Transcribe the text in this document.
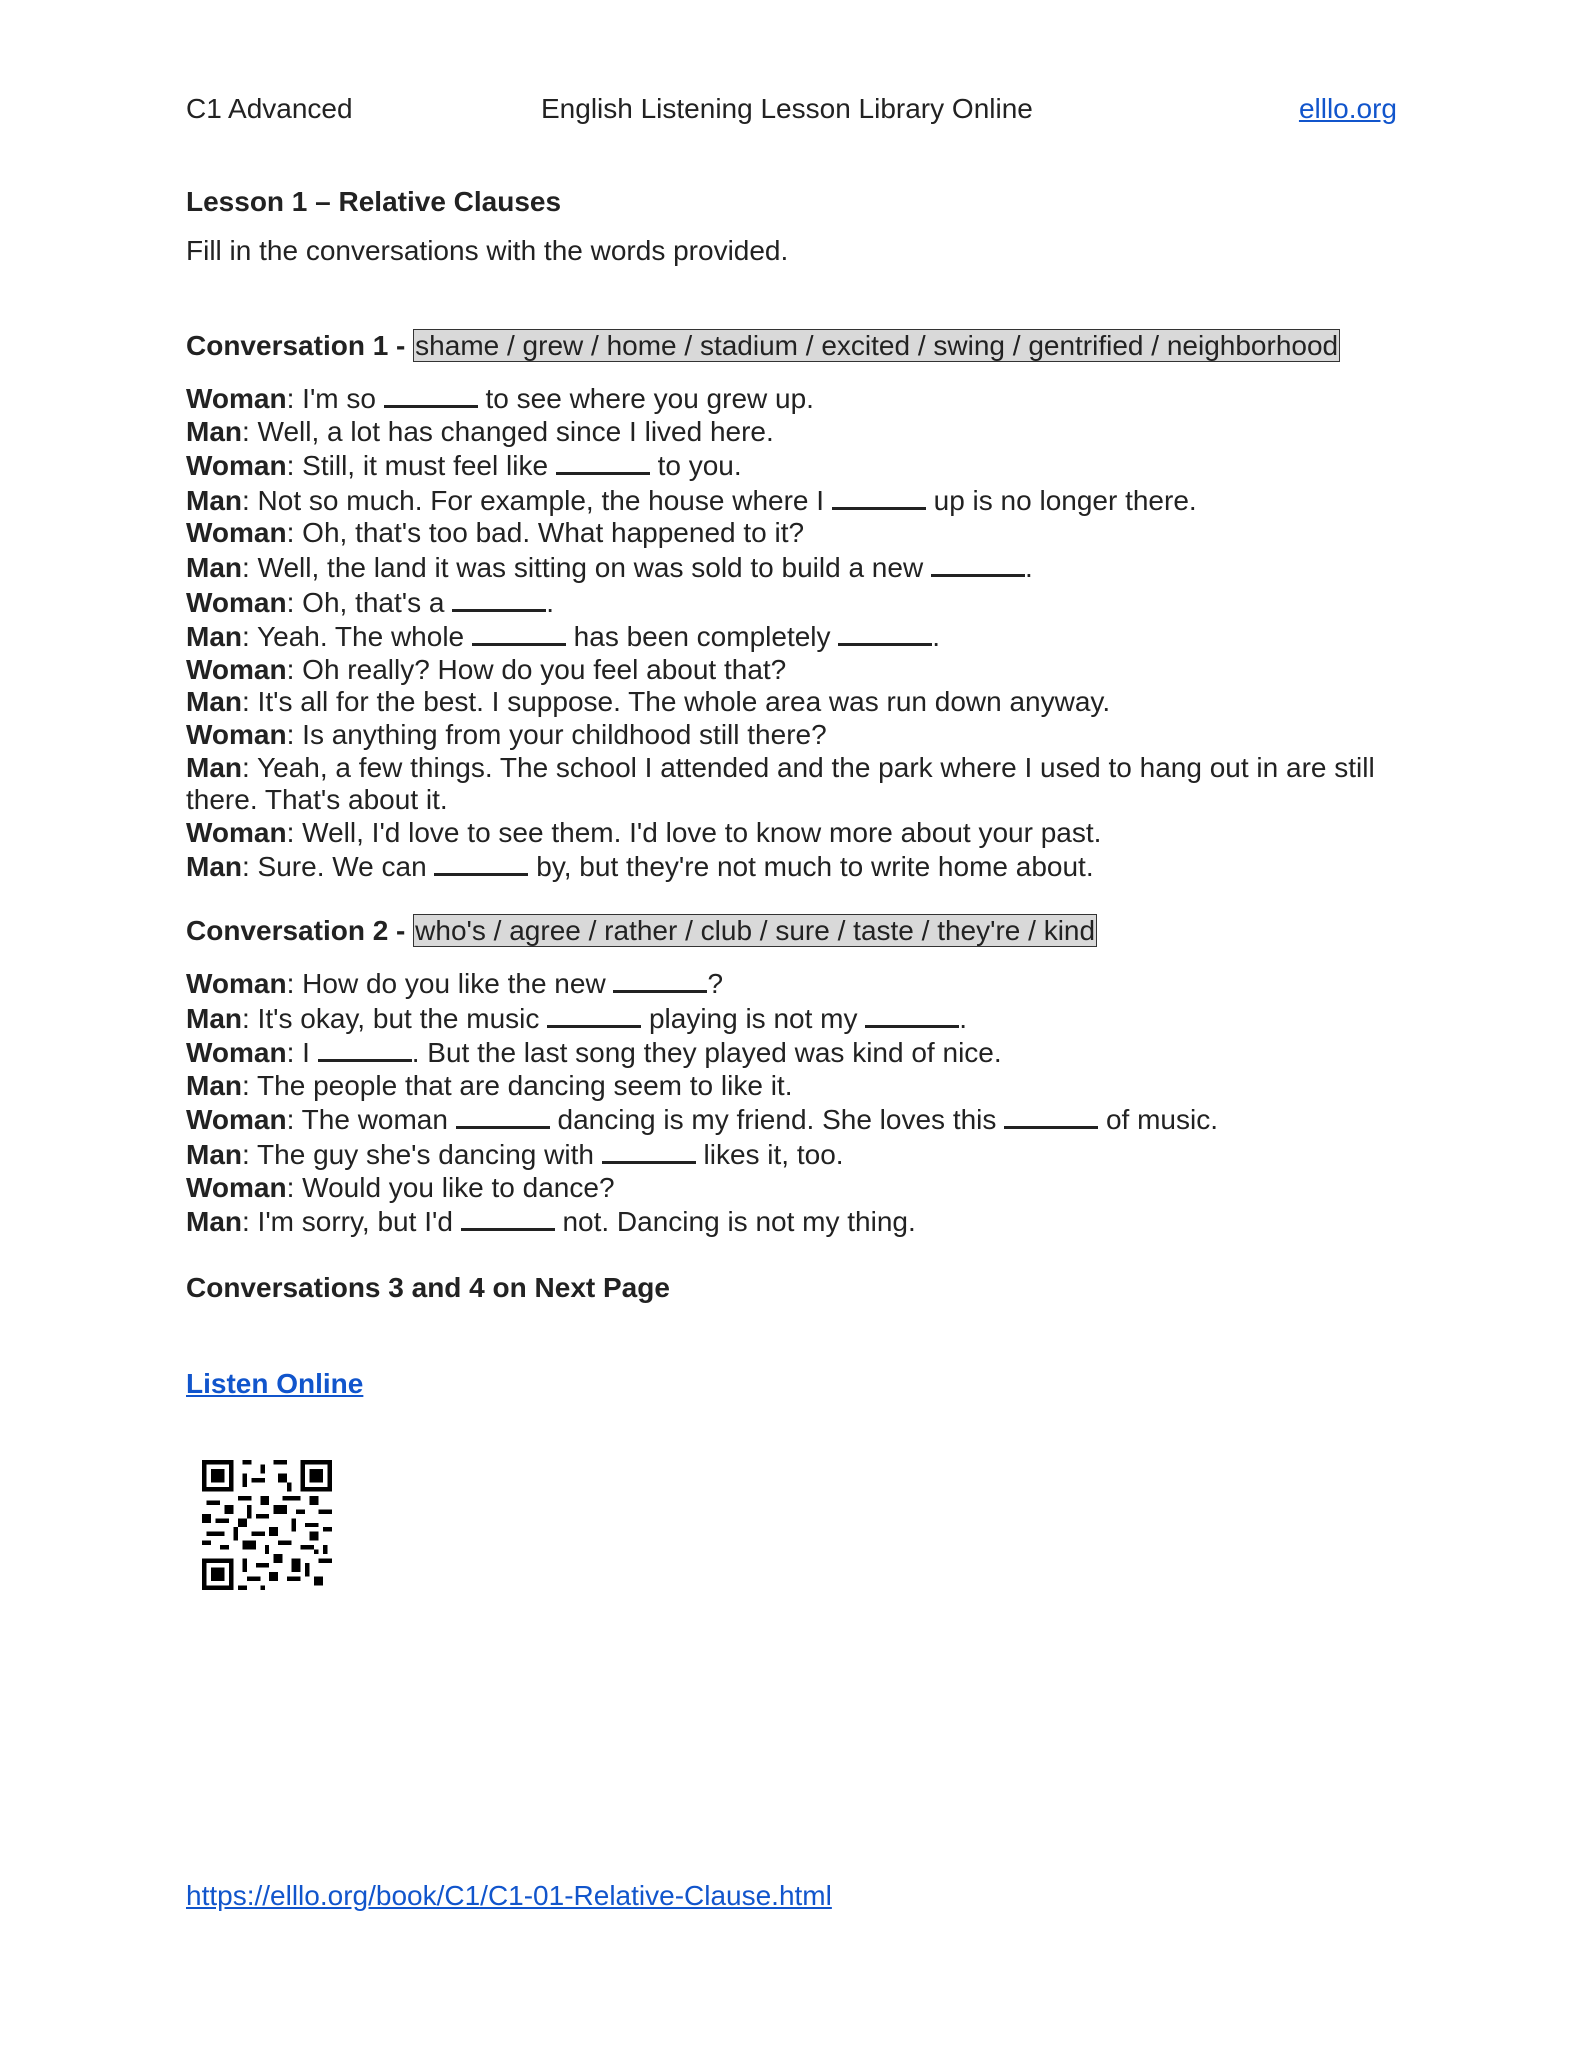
C1 Advanced	English Listening Lesson Library Online	elllo.org
Lesson 1 – Relative Clauses
Fill in the conversations with the words provided.
Conversation 1 - shame / grew / home / stadium / excited / swing / gentrified / neighborhood
Woman: I'm so	to see where you grew up.
Man: Well, a lot has changed since I lived here.
Woman: Still, it must feel like	to you.
Man: Not so much. For example, the house where I	up is no longer there.
Woman: Oh, that's too bad. What happened to it?
Man: Well, the land it was sitting on was sold to build a new	.
Woman: Oh, that's a	.
Man: Yeah. The whole	has been completely	.
Woman: Oh really? How do you feel about that?
Man: It's all for the best. I suppose. The whole area was run down anyway.
Woman: Is anything from your childhood still there?
Man: Yeah, a few things. The school I attended and the park where I used to hang out in are still there. That's about it.
Woman: Well, I'd love to see them. I'd love to know more about your past.
Man: Sure. We can	by, but they're not much to write home about.
Conversation 2 - who's / agree / rather / club / sure / taste / they're / kind
Woman: How do you like the new	?
Man: It's okay, but the music	playing is not my	.
Woman: I	. But the last song they played was kind of nice.
Man: The people that are dancing seem to like it.
Woman: The woman	dancing is my friend. She loves this	of music.
Man: The guy she's dancing with	likes it, too.
Woman: Would you like to dance?
Man: I'm sorry, but I'd	not. Dancing is not my thing.
Conversations 3 and 4 on Next Page
Listen Online
https://elllo.org/book/C1/C1-01-Relative-Clause.html
